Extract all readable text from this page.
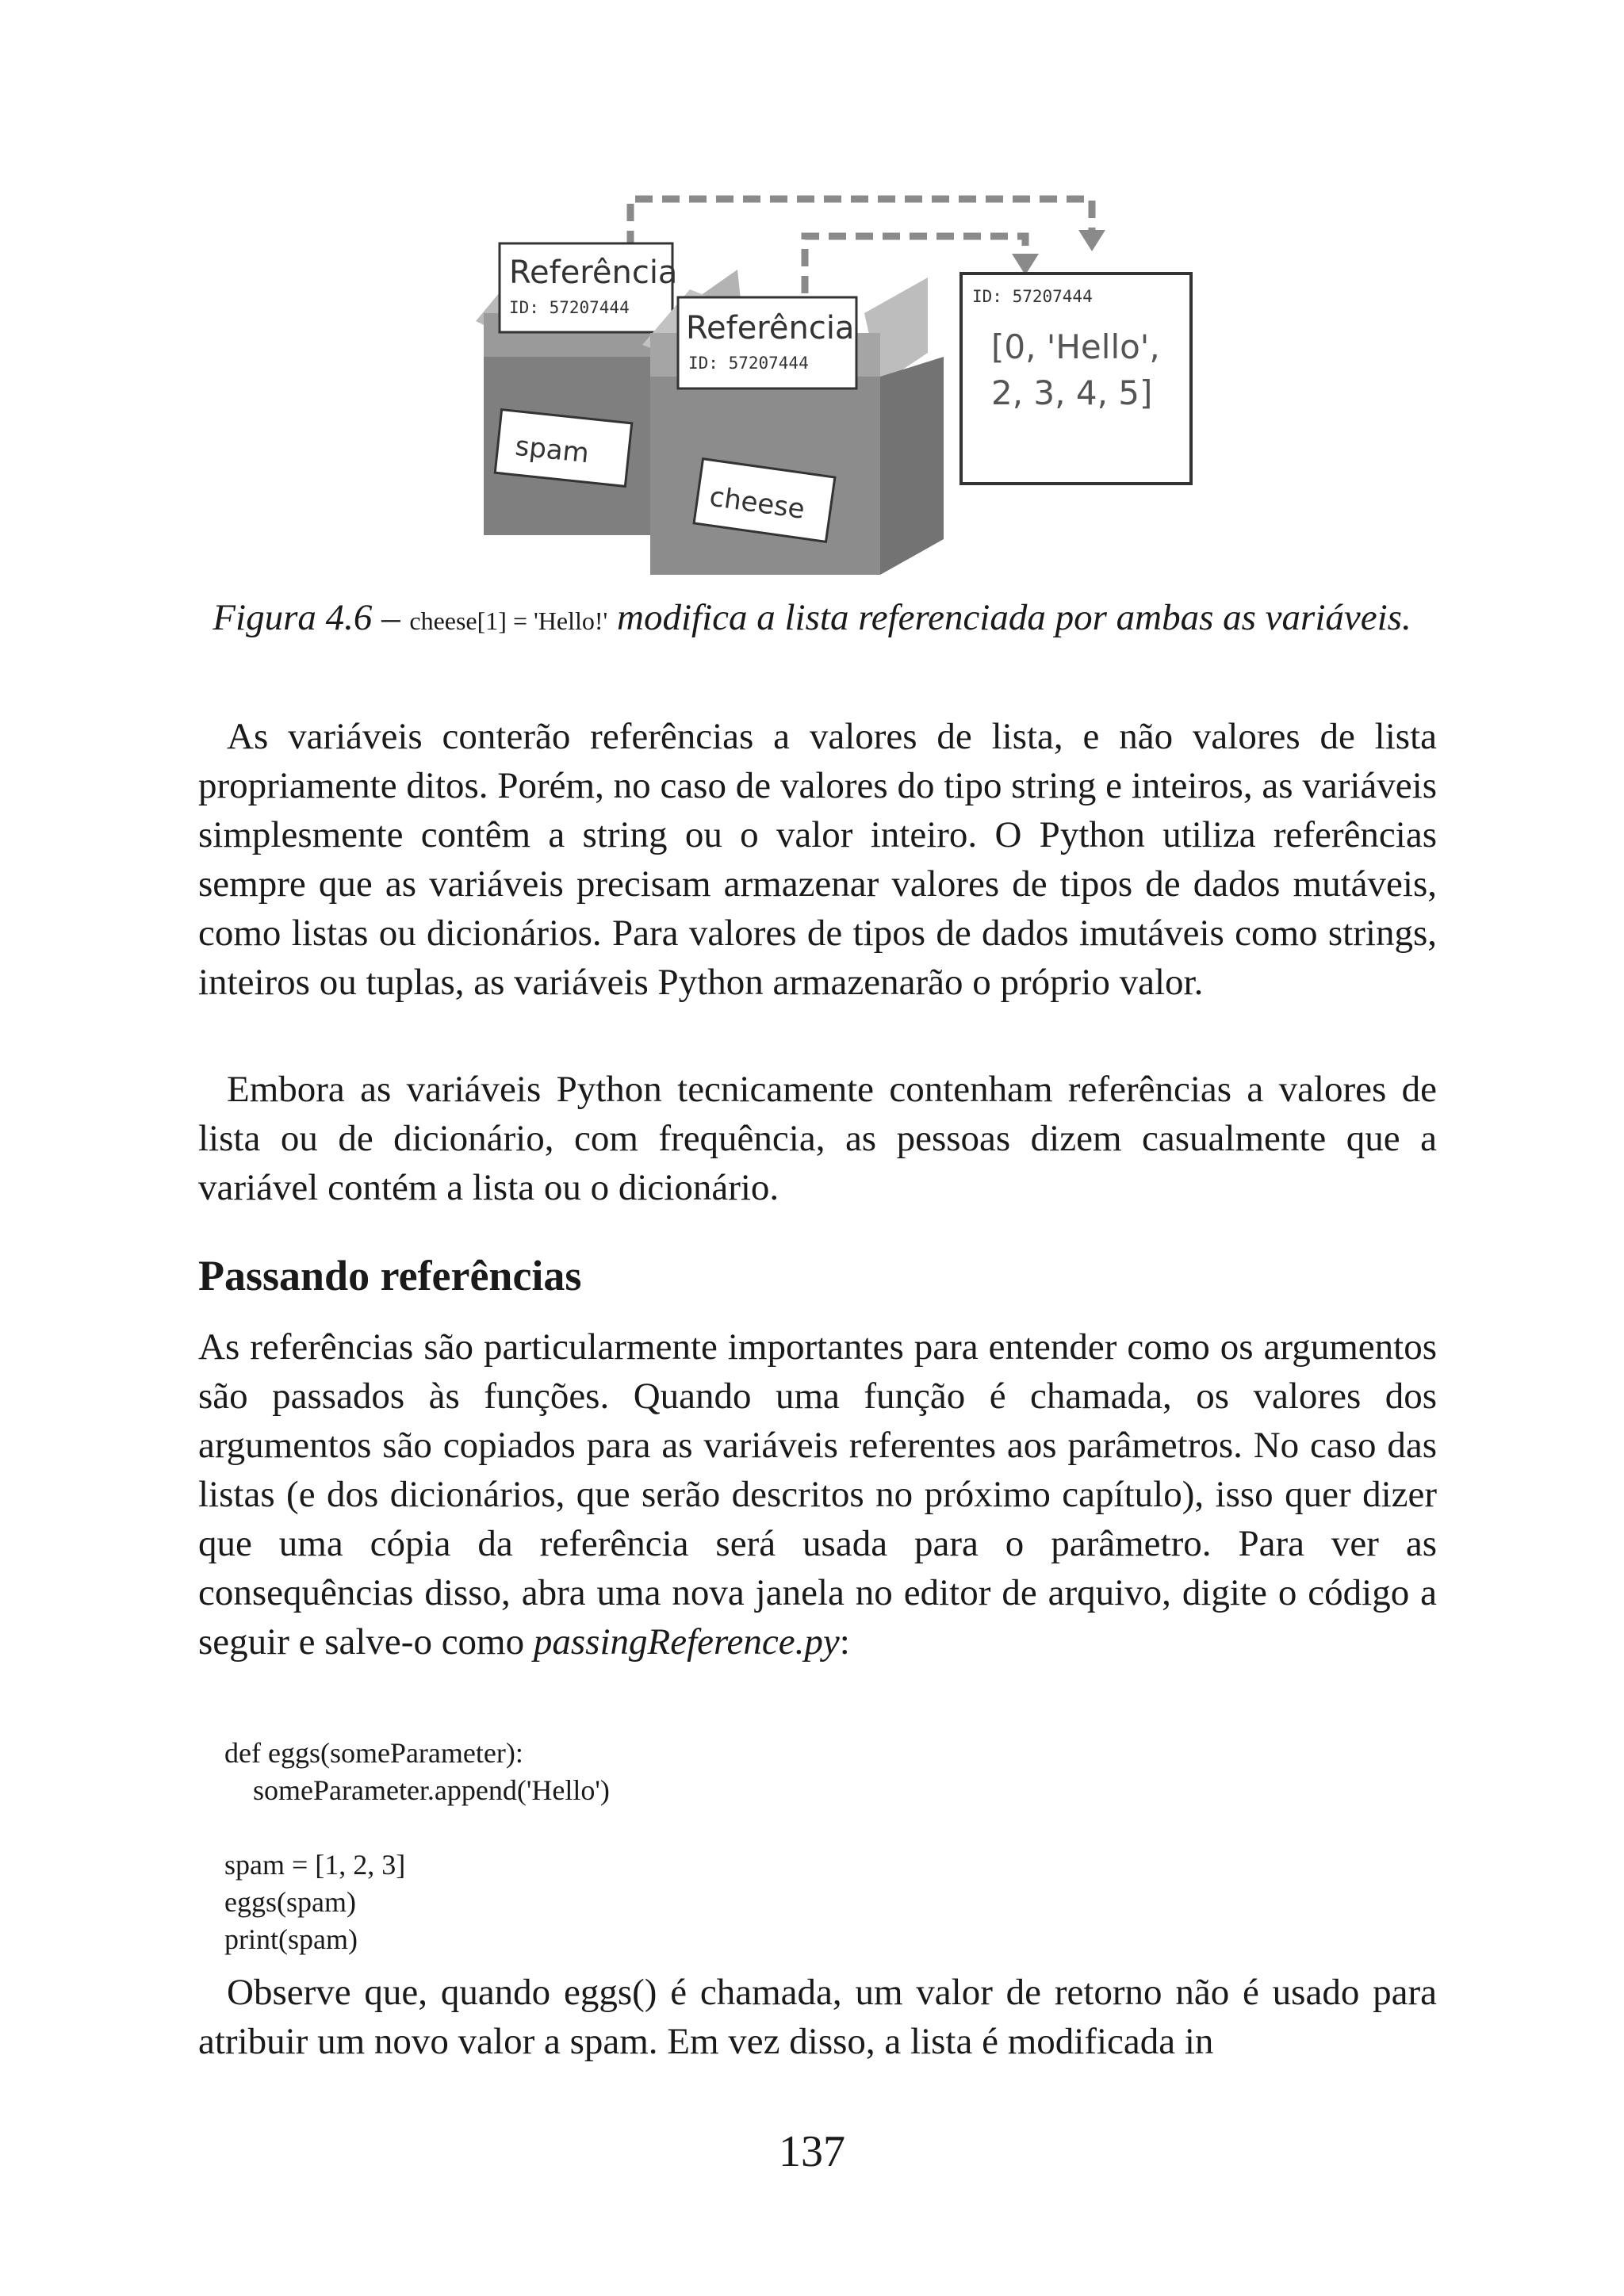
Referência
ID: 57207444
spam
Referência
ID: 57207444
cheese
ID: 57207444
[0, 'Hello',
2, 3, 4, 5]
Figura 4.6 – cheese[1] = 'Hello!' modifica a lista referenciada por ambas as variáveis.

As variáveis conterão referências a valores de lista, e não valores de lista propriamente ditos. Porém, no caso de valores do tipo string e inteiros, as variáveis simplesmente contêm a string ou o valor inteiro. O Python utiliza referências sempre que as variáveis precisam armazenar valores de tipos de dados mutáveis, como listas ou dicionários. Para valores de tipos de dados imutáveis como strings, inteiros ou tuplas, as variáveis Python armazenarão o próprio valor.

Embora as variáveis Python tecnicamente contenham referências a valores de lista ou de dicionário, com frequência, as pessoas dizem casualmente que a variável contém a lista ou o dicionário.

Passando referências

As referências são particularmente importantes para entender como os argumentos são passados às funções. Quando uma função é chamada, os valores dos argumentos são copiados para as variáveis referentes aos parâmetros. No caso das listas (e dos dicionários, que serão descritos no próximo capítulo), isso quer dizer que uma cópia da referência será usada para o parâmetro. Para ver as consequências disso, abra uma nova janela no editor de arquivo, digite o código a seguir e salve-o como passingReference.py:

def eggs(someParameter):
someParameter.append('Hello')

spam = [1, 2, 3]
eggs(spam)
print(spam)

Observe que, quando eggs() é chamada, um valor de retorno não é usado para atribuir um novo valor a spam. Em vez disso, a lista é modificada in

137
